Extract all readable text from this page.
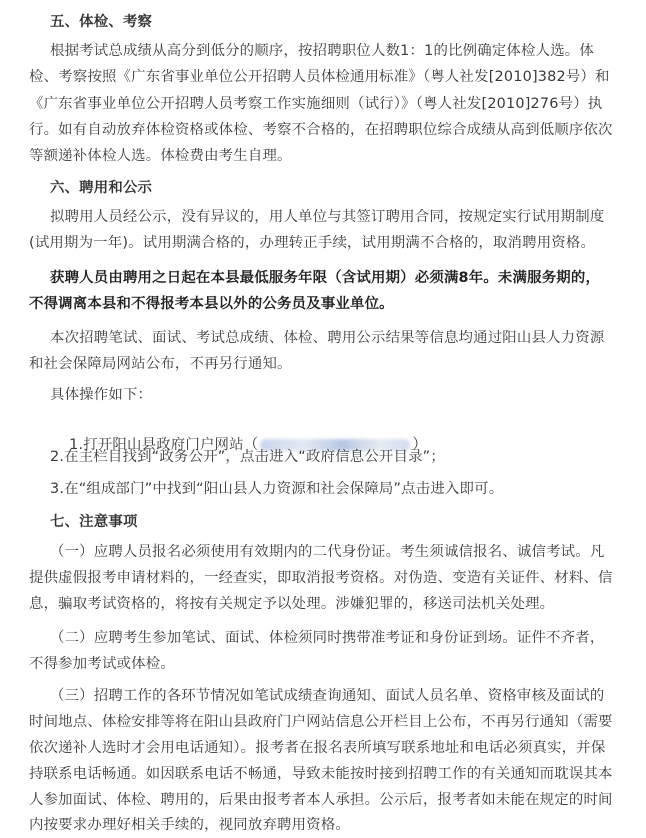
五、体检、考察
根据考试总成绩从高分到低分的顺序，按招聘职位人数1：1的比例确定体检人选。体
检、考察按照《广东省事业单位公开招聘人员体检通用标准》（粤人社发[2010]382号）和
《广东省事业单位公开招聘人员考察工作实施细则（试行）》（粤人社发[2010]276号）执
行。如有自动放弃体检资格或体检、考察不合格的，在招聘职位综合成绩从高到低顺序依次
等额递补体检人选。体检费由考生自理。
六、聘用和公示
拟聘用人员经公示，没有异议的，用人单位与其签订聘用合同，按规定实行试用期制度
(试用期为一年)。试用期满合格的，办理转正手续，试用期满不合格的，取消聘用资格。
获聘人员由聘用之日起在本县最低服务年限（含试用期）必须满8年。未满服务期的，
不得调离本县和不得报考本县以外的公务员及事业单位。
本次招聘笔试、面试、考试总成绩、体检、聘用公示结果等信息均通过阳山县人力资源
和社会保障局网站公布，不再另行通知。
具体操作如下：

1.打开阳山县政府门户网站（	）

2.在主栏目找到“政务公开”，点击进入“政府信息公开目录”；
3.在“组成部门”中找到“阳山县人力资源和社会保障局”点击进入即可。
七、注意事项
（一）应聘人员报名必须使用有效期内的二代身份证。考生须诚信报名、诚信考试。凡
提供虚假报考申请材料的，一经查实，即取消报考资格。对伪造、变造有关证件、材料、信
息，骗取考试资格的，将按有关规定予以处理。涉嫌犯罪的，移送司法机关处理。
（二）应聘考生参加笔试、面试、体检须同时携带准考证和身份证到场。证件不齐者，
不得参加考试或体检。
（三）招聘工作的各环节情况如笔试成绩查询通知、面试人员名单、资格审核及面试的
时间地点、体检安排等将在阳山县政府门户网站信息公开栏目上公布，不再另行通知（需要
依次递补人选时才会用电话通知）。报考者在报名表所填写联系地址和电话必须真实，并保
持联系电话畅通。如因联系电话不畅通，导致未能按时接到招聘工作的有关通知而耽误其本
人参加面试、体检、聘用的，后果由报考者本人承担。公示后，报考者如未能在规定的时间
内按要求办理好相关手续的，视同放弃聘用资格。
